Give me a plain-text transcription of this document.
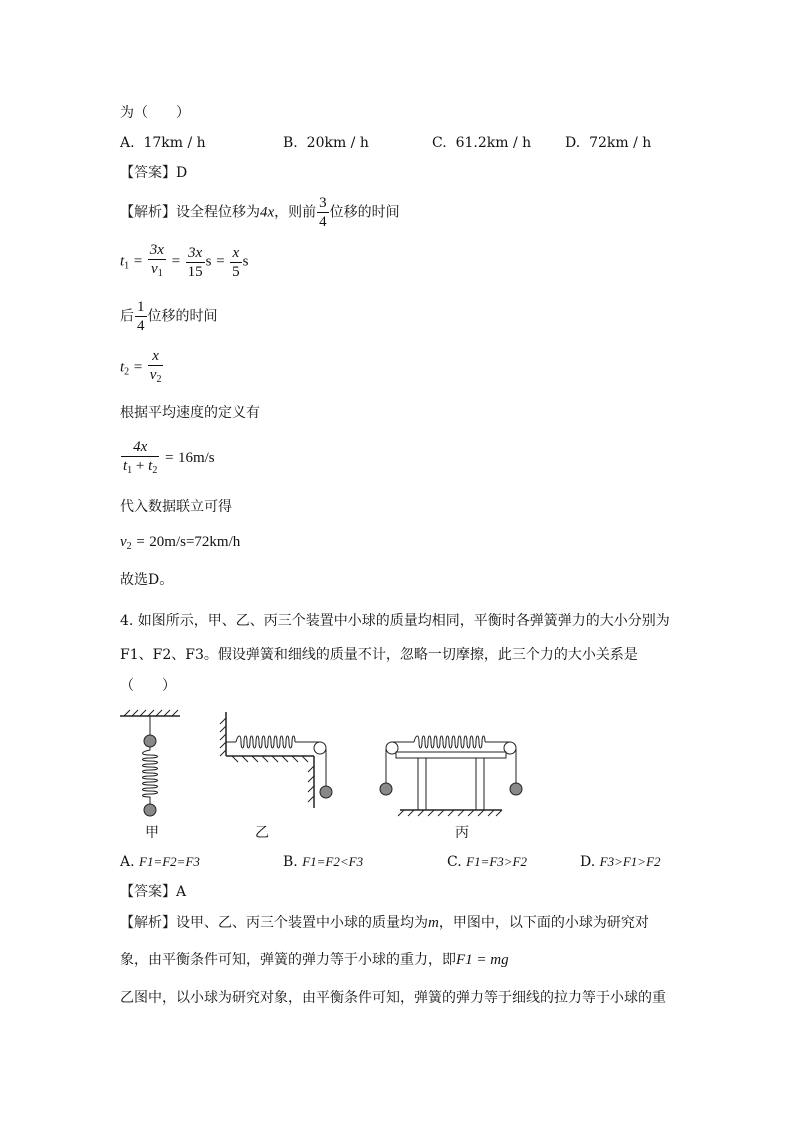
为（　　）
A. 17km / h	B. 20km / h	C. 61.2km / h D. 72km / h
【答案】D
【解析】设全程位移为4x，则前 $\frac{3}{4}$ 位移的时间
$t_1 = \frac{3x}{v_1} = \frac{3x}{15}$ $s = \frac{x}{5}$ s
后 $\frac{1}{4}$ 位移的时间
$t_2 = \frac{x}{v_2}$
根据平均速度的定义有
$\frac{4x}{t_1 + t_2} = 16m/s$
代入数据联立可得
$v_2 = 20m/s=72km/h$
故选D。
4. 如图所示，甲、乙、丙三个装置中小球的质量均相同，平衡时各弹簧弹力的大小分别为
F1、F2、F3。假设弹簧和细线的质量不计，忽略一切摩擦，此三个力的大小关系是
（　　）
甲	乙	丙
A. F1=F2=F3	B. F1=F2<F3	C. F1=F3>F2	D. F3>F1>F2
【答案】A
【解析】设甲、乙、丙三个装置中小球的质量均为m，甲图中，以下面的小球为研究对
象，由平衡条件可知，弹簧的弹力等于小球的重力，即F1 = mg
乙图中，以小球为研究对象，由平衡条件可知，弹簧的弹力等于细线的拉力等于小球的重
